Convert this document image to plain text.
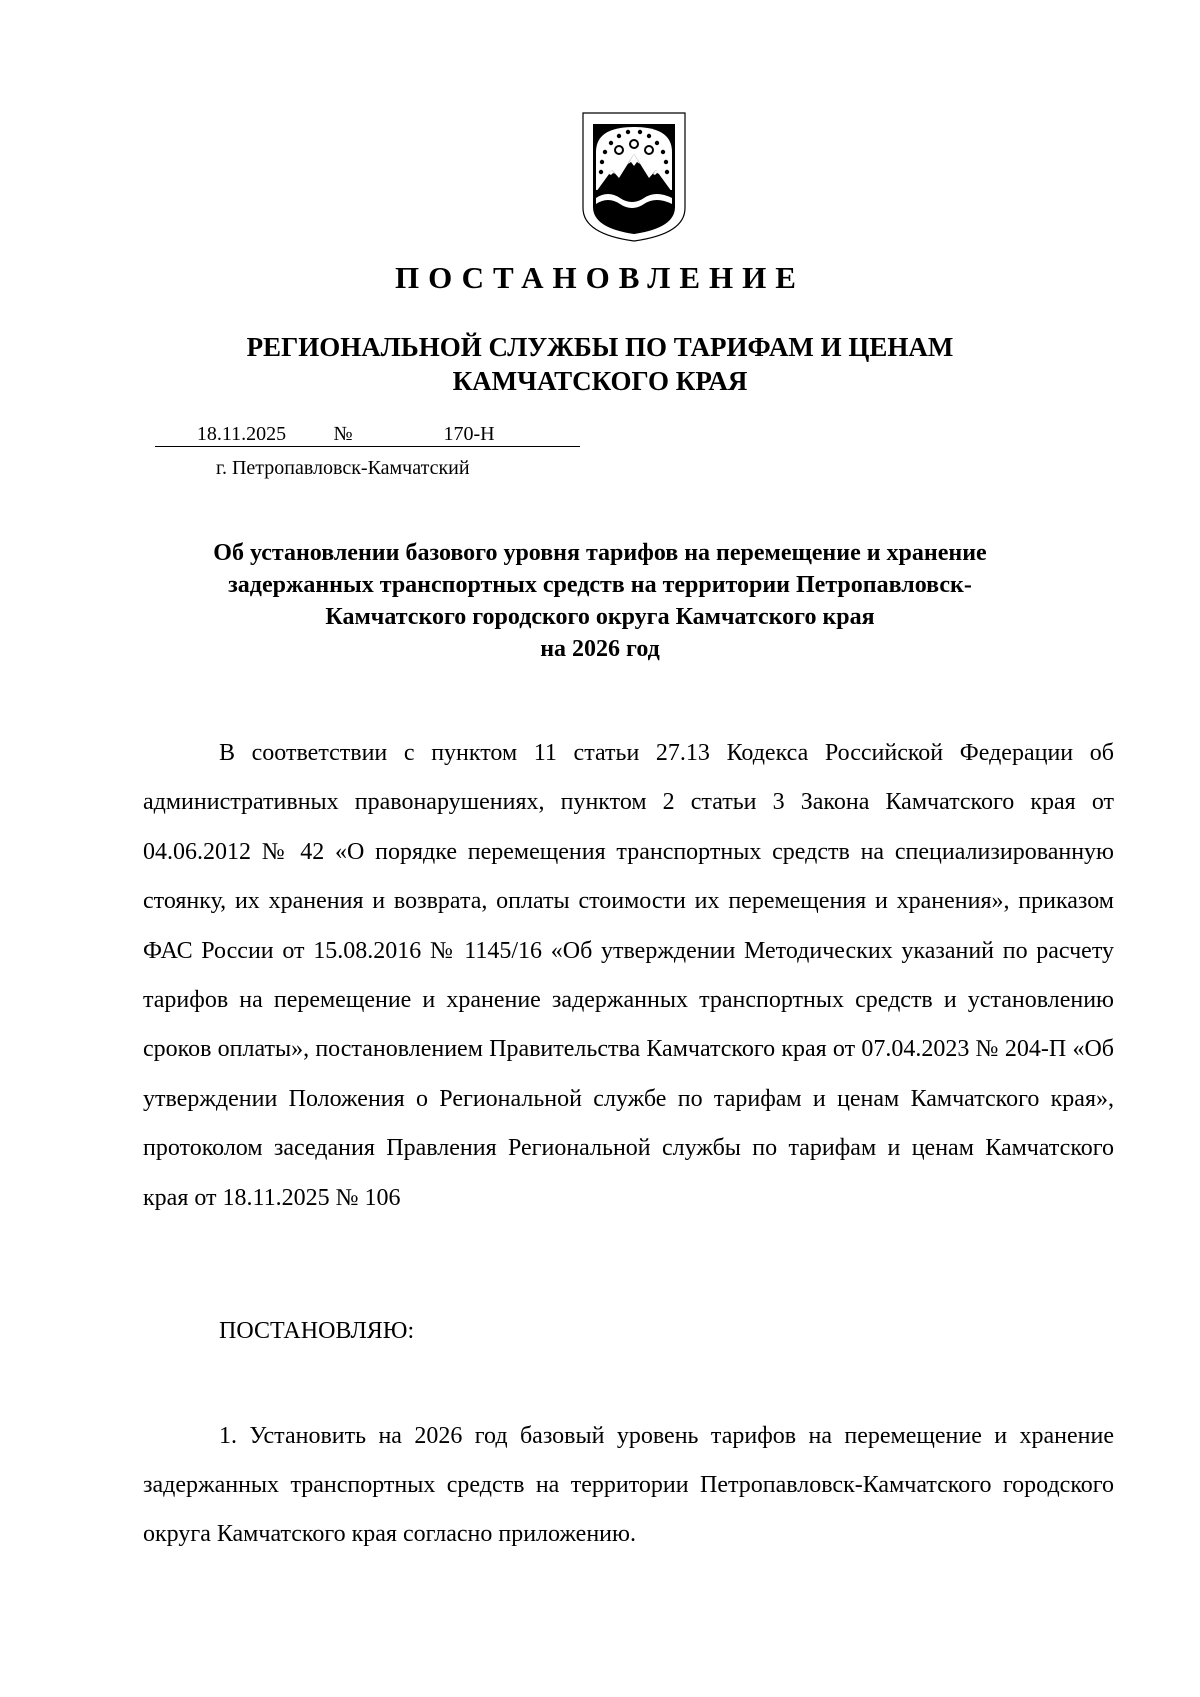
ПОСТАНОВЛЕНИЕ
РЕГИОНАЛЬНОЙ СЛУЖБЫ ПО ТАРИФАМ И ЦЕНАМ
КАМЧАТСКОГО КРАЯ
18.11.2025	№	170-Н
г. Петропавловск-Камчатский
Об установлении базового уровня тарифов на перемещение и хранение
задержанных транспортных средств на территории Петропавловск-
Камчатского городского округа Камчатского края
на 2026 год

В соответствии с пунктом 11 статьи 27.13 Кодекса Российской Федерации об административных правонарушениях, пунктом 2 статьи 3 Закона Камчатского края от 04.06.2012 № 42 «О порядке перемещения транспортных средств на специализированную стоянку, их хранения и возврата, оплаты стоимости их перемещения и хранения», приказом ФАС России от 15.08.2016 № 1145/16 «Об утверждении Методических указаний по расчету тарифов на перемещение и хранение задержанных транспортных средств и установлению сроков оплаты», постановлением Правительства Камчатского края от 07.04.2023 № 204-П «Об утверждении Положения о Региональной службе по тарифам и ценам Камчатского края», протоколом заседания Правления Региональной службы по тарифам и ценам Камчатского края от 18.11.2025 № 106

ПОСТАНОВЛЯЮ:

1. Установить на 2026 год базовый уровень тарифов на перемещение и хранение задержанных транспортных средств на территории Петропавловск-Камчатского городского округа Камчатского края согласно приложению.
